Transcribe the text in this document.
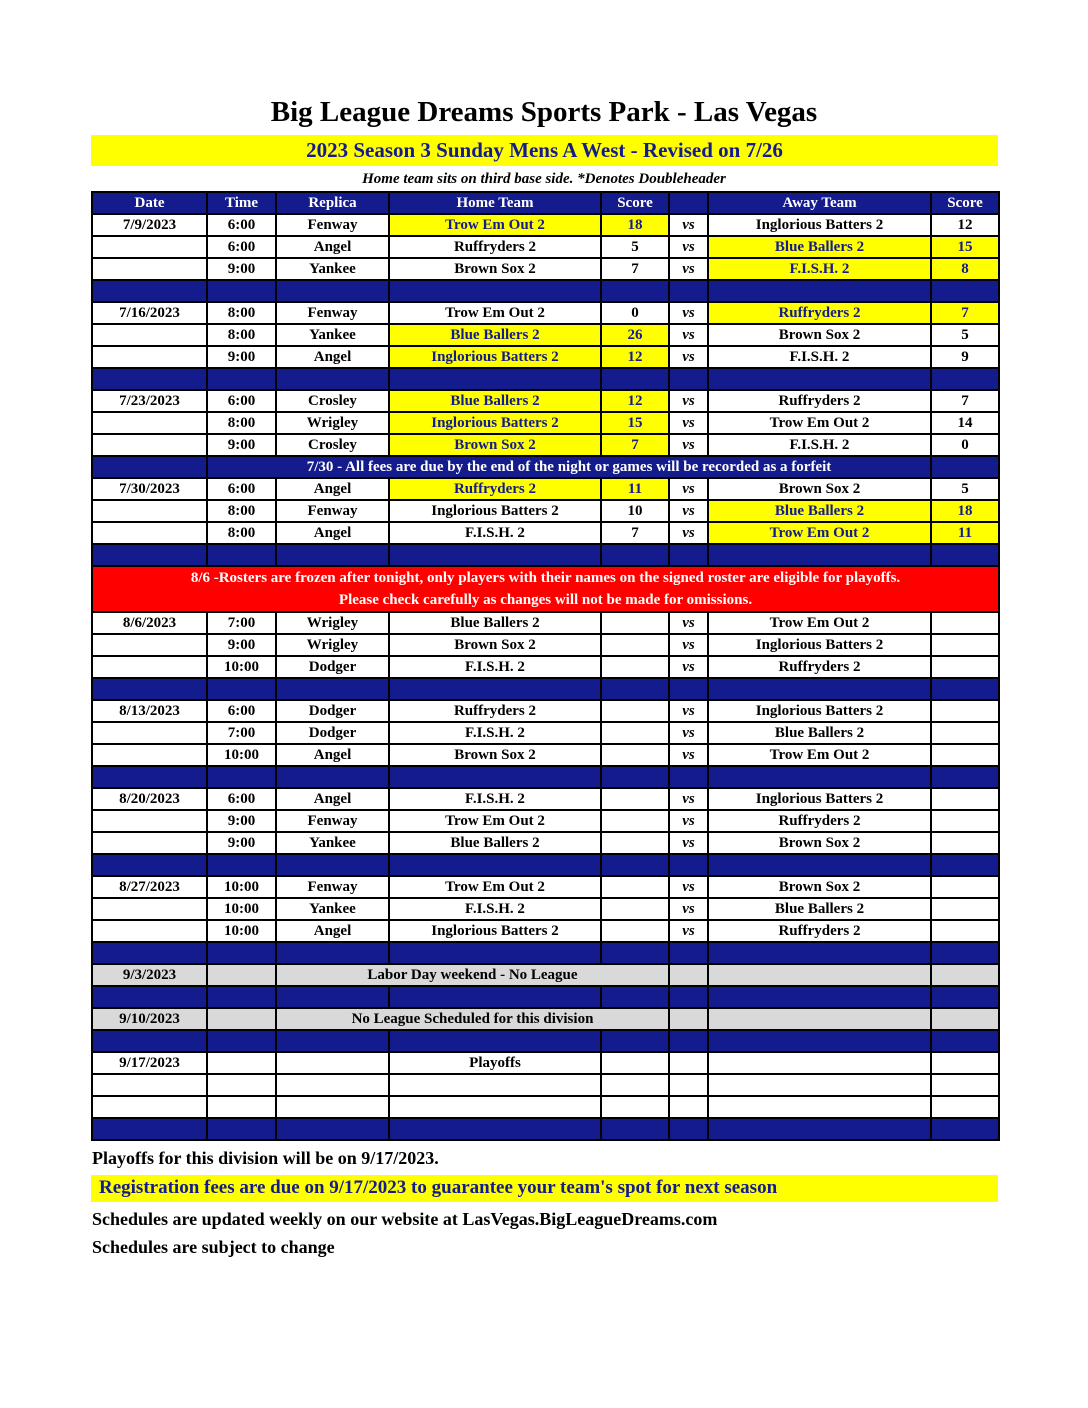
Big League Dreams Sports Park - Las Vegas
2023 Season 3 Sunday Mens A West - Revised on 7/26
Home team sits on third base side. *Denotes Doubleheader
Date	Time	Replica	Home Team	Score		Away Team	Score
7/9/2023	6:00	Fenway	Trow Em Out 2	18	vs	Inglorious Batters 2	12
	6:00	Angel	Ruffryders 2	5	vs	Blue Ballers 2	15
	9:00	Yankee	Brown Sox 2	7	vs	F.I.S.H. 2	8

7/16/2023	8:00	Fenway	Trow Em Out 2	0	vs	Ruffryders 2	7
	8:00	Yankee	Blue Ballers 2	26	vs	Brown Sox 2	5
	9:00	Angel	Inglorious Batters 2	12	vs	F.I.S.H. 2	9

7/23/2023	6:00	Crosley	Blue Ballers 2	12	vs	Ruffryders 2	7
	8:00	Wrigley	Inglorious Batters 2	15	vs	Trow Em Out 2	14
	9:00	Crosley	Brown Sox 2	7	vs	F.I.S.H. 2	0
	7/30 - All fees are due by the end of the night or games will be recorded as a forfeit						
7/30/2023	6:00	Angel	Ruffryders 2	11	vs	Brown Sox 2	5
	8:00	Fenway	Inglorious Batters 2	10	vs	Blue Ballers 2	18
	8:00	Angel	F.I.S.H. 2	7	vs	Trow Em Out 2	11

8/6 -Rosters are frozen after tonight, only players with their names on the signed roster are eligible for playoffs.
Please check carefully as changes will not be made for omissions.							

8/6/2023	7:00	Wrigley	Blue Ballers 2		vs	Trow Em Out 2	
	9:00	Wrigley	Brown Sox 2		vs	Inglorious Batters 2	
	10:00	Dodger	F.I.S.H. 2		vs	Ruffryders 2	

8/13/2023	6:00	Dodger	Ruffryders 2		vs	Inglorious Batters 2	
	7:00	Dodger	F.I.S.H. 2		vs	Blue Ballers 2	
	10:00	Angel	Brown Sox 2		vs	Trow Em Out 2	

8/20/2023	6:00	Angel	F.I.S.H. 2		vs	Inglorious Batters 2	
	9:00	Fenway	Trow Em Out 2		vs	Ruffryders 2	
	9:00	Yankee	Blue Ballers 2		vs	Brown Sox 2	

8/27/2023	10:00	Fenway	Trow Em Out 2		vs	Brown Sox 2	
	10:00	Yankee	F.I.S.H. 2		vs	Blue Ballers 2	
	10:00	Angel	Inglorious Batters 2		vs	Ruffryders 2	

9/3/2023		Labor Day weekend - No League					

9/10/2023		No League Scheduled for this division					

9/17/2023			Playoffs				

Playoffs for this division will be on 9/17/2023.
Registration fees are due on 9/17/2023 to guarantee your team's spot for next season
Schedules are updated weekly on our website at LasVegas.BigLeagueDreams.com
Schedules are subject to change
